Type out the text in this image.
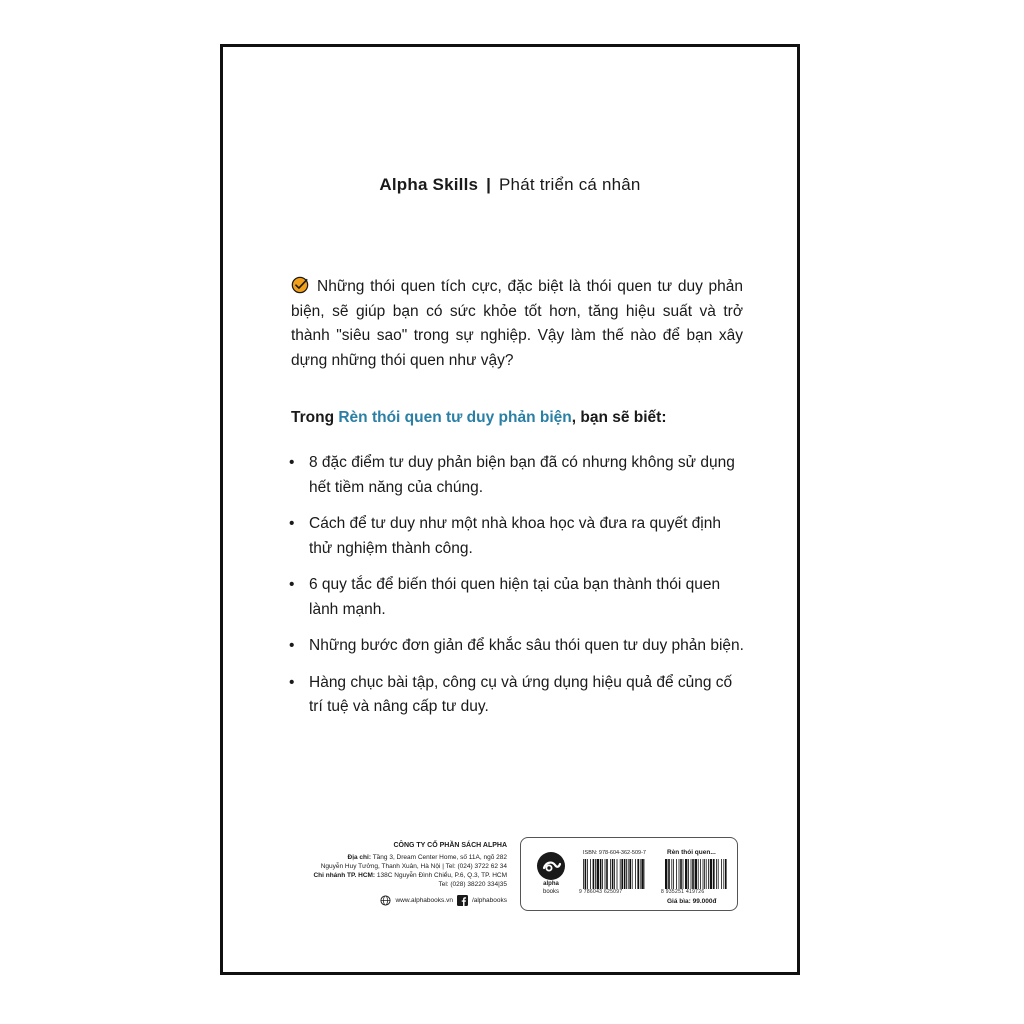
Alpha Skills | Phát triển cá nhân
Những thói quen tích cực, đặc biệt là thói quen tư duy phản biện, sẽ giúp bạn có sức khỏe tốt hơn, tăng hiệu suất và trở thành "siêu sao" trong sự nghiệp. Vậy làm thế nào để bạn xây dựng những thói quen như vậy?
Trong Rèn thói quen tư duy phản biện, bạn sẽ biết:
• 8 đặc điểm tư duy phản biện bạn đã có nhưng không sử dụng hết tiềm năng của chúng.
• Cách để tư duy như một nhà khoa học và đưa ra quyết định thử nghiệm thành công.
• 6 quy tắc để biến thói quen hiện tại của bạn thành thói quen lành mạnh.
• Những bước đơn giản để khắc sâu thói quen tư duy phản biện.
• Hàng chục bài tập, công cụ và ứng dụng hiệu quả để củng cố trí tuệ và nâng cấp tư duy.
CÔNG TY CỔ PHẦN SÁCH ALPHA
Địa chỉ: Tầng 3, Dream Center Home, số 11A, ngõ 282
Nguyễn Huy Tưởng, Thanh Xuân, Hà Nội | Tel: (024) 3722 62 34
Chi nhánh TP. HCM: 138C Nguyễn Đình Chiểu, P.6, Q.3, TP. HCM
Tel: (028) 38220 334|35
www.alphabooks.vn	/alphabooks
alpha
books
ISBN: 978-604-362-509-7	Rèn thói quen...
9 786043 625097	8 935251 419726
Giá bìa: 99.000đ
